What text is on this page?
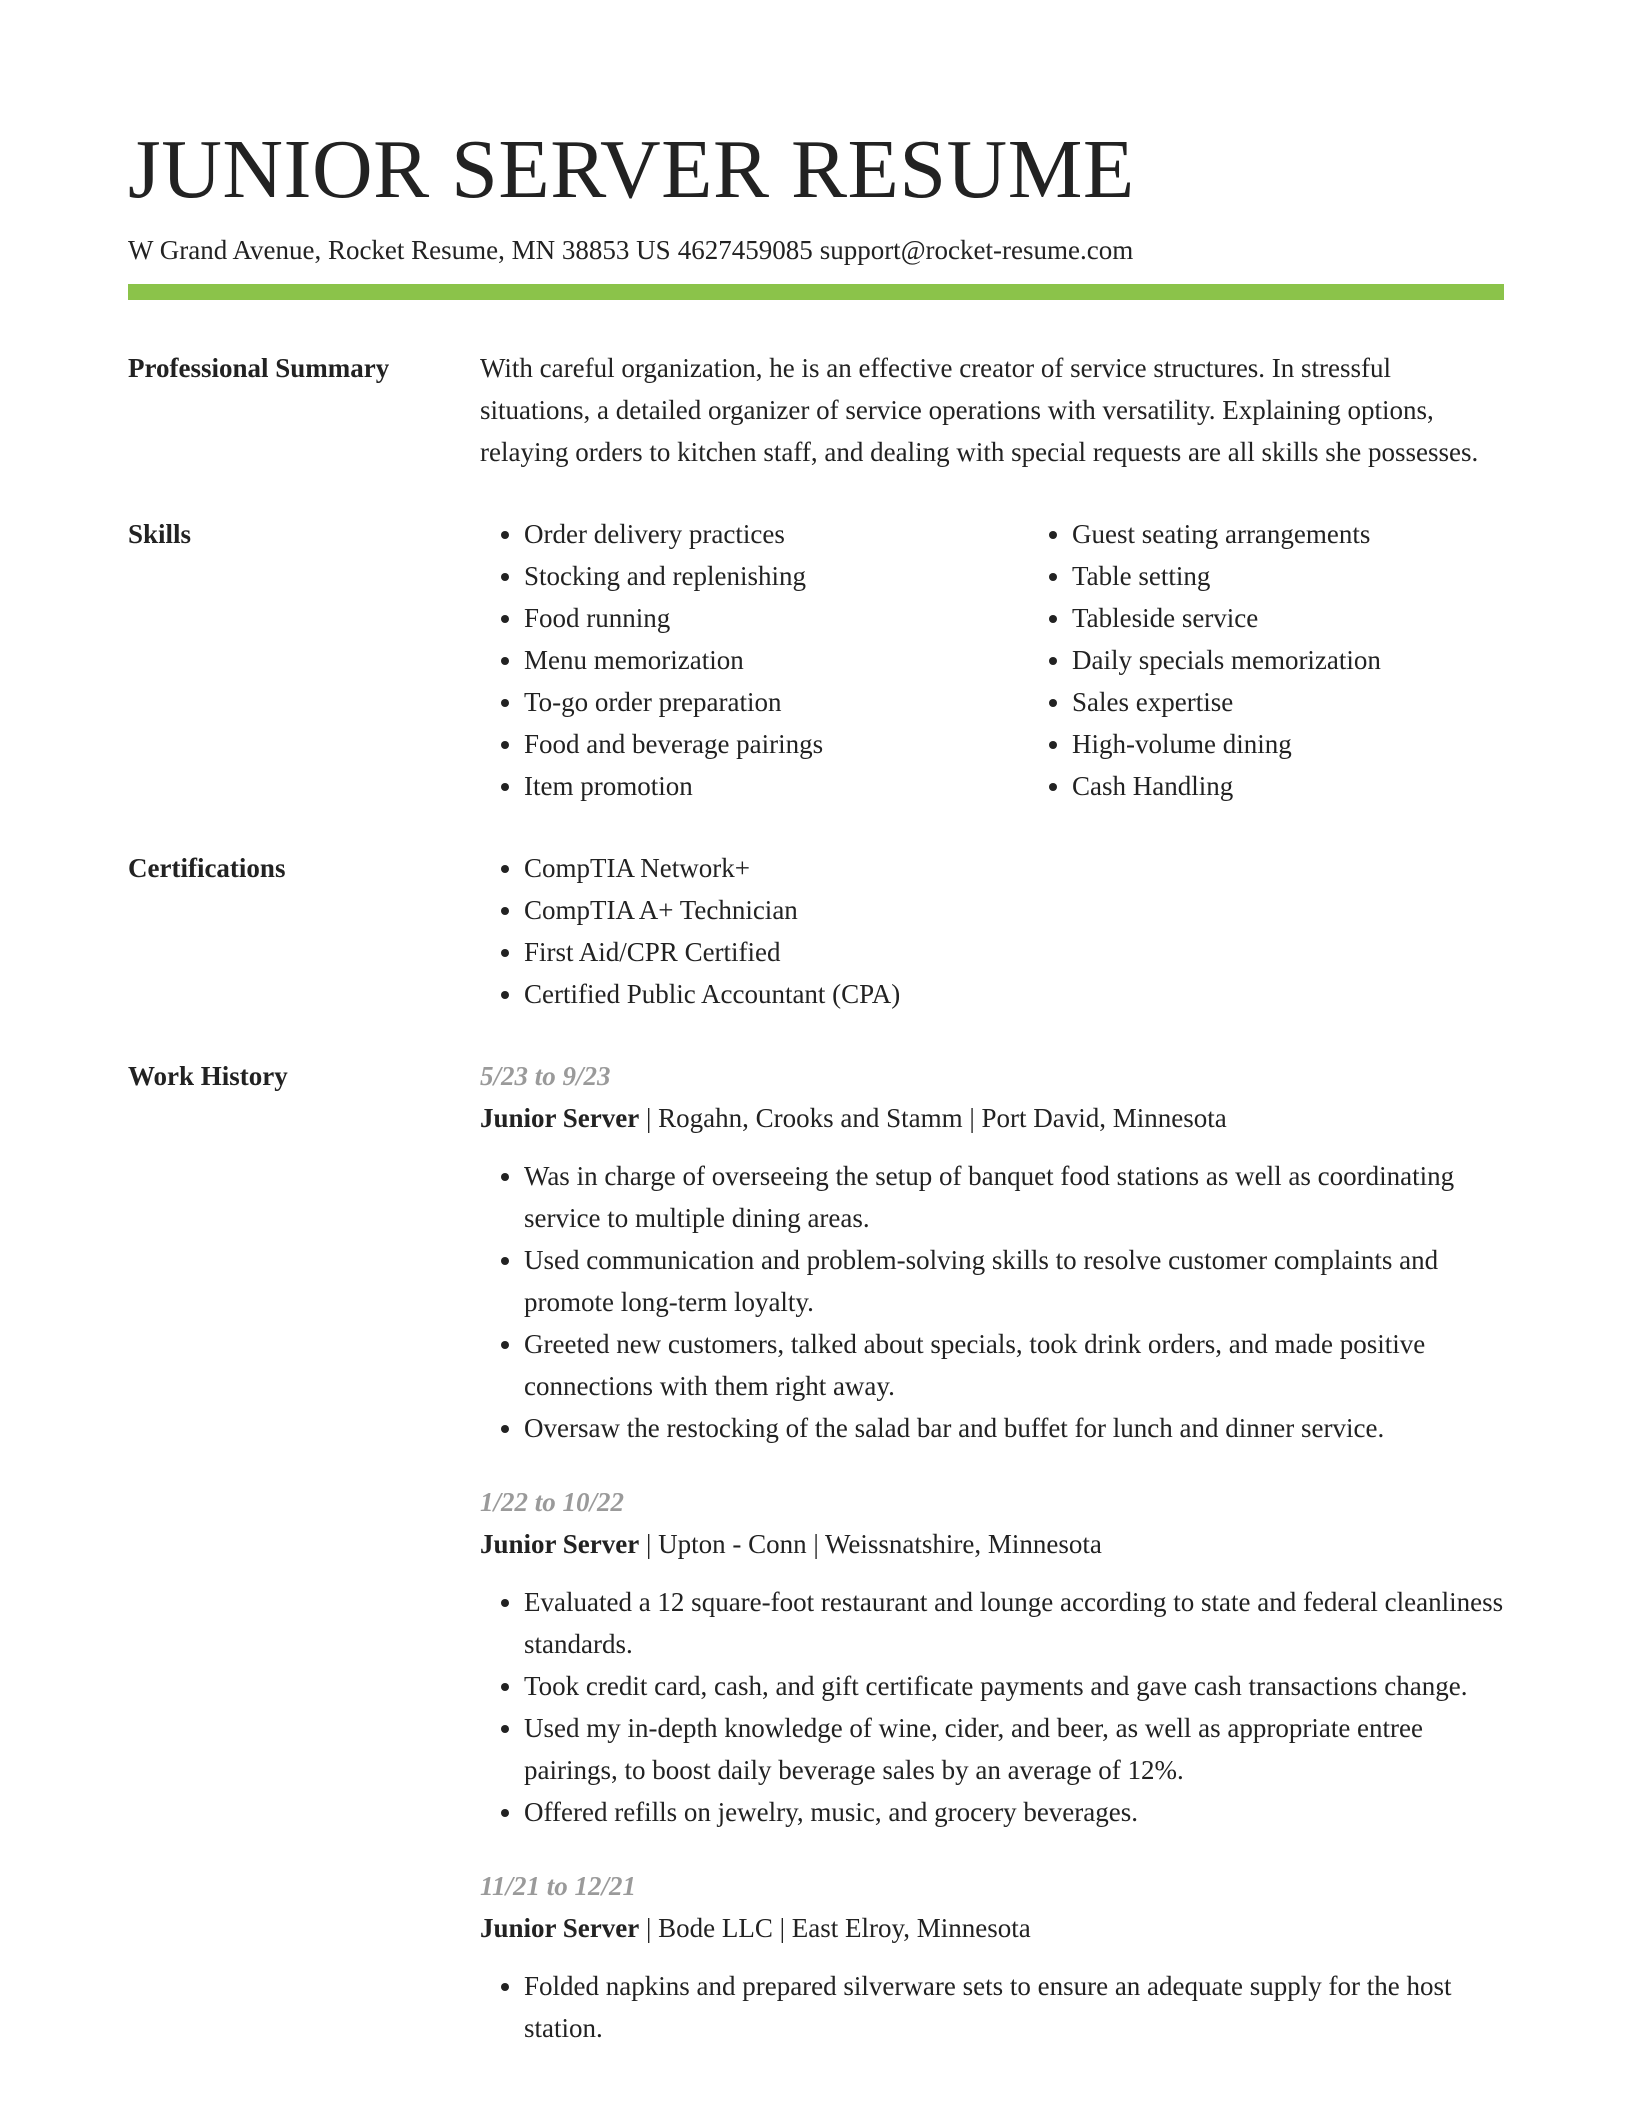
JUNIOR SERVER RESUME
W Grand Avenue, Rocket Resume, MN 38853 US 4627459085 support@rocket-resume.com
Professional Summary	With careful organization, he is an effective creator of service structures. In stressful situations, a detailed organizer of service operations with versatility. Explaining options, relaying orders to kitchen staff, and dealing with special requests are all skills she possesses.

Skills	• Order delivery practices
• Stocking and replenishing
• Food running
• Menu memorization
• To-go order preparation
• Food and beverage pairings
• Item promotion
• Guest seating arrangements
• Table setting
• Tableside service
• Daily specials memorization
• Sales expertise
• High-volume dining
• Cash Handling
Certifications	• CompTIA Network+
• CompTIA A+ Technician
• First Aid/CPR Certified
• Certified Public Accountant (CPA)
Work History	5/23 to 9/23
Junior Server | Rogahn, Crooks and Stamm | Port David, Minnesota
• Was in charge of overseeing the setup of banquet food stations as well as coordinating service to multiple dining areas.
• Used communication and problem-solving skills to resolve customer complaints and promote long-term loyalty.
• Greeted new customers, talked about specials, took drink orders, and made positive connections with them right away.
• Oversaw the restocking of the salad bar and buffet for lunch and dinner service.
1/22 to 10/22
Junior Server | Upton - Conn | Weissnatshire, Minnesota
• Evaluated a 12 square-foot restaurant and lounge according to state and federal cleanliness standards.
• Took credit card, cash, and gift certificate payments and gave cash transactions change.
• Used my in-depth knowledge of wine, cider, and beer, as well as appropriate entree pairings, to boost daily beverage sales by an average of 12%.
• Offered refills on jewelry, music, and grocery beverages.
11/21 to 12/21
Junior Server | Bode LLC | East Elroy, Minnesota
• Folded napkins and prepared silverware sets to ensure an adequate supply for the host station.
